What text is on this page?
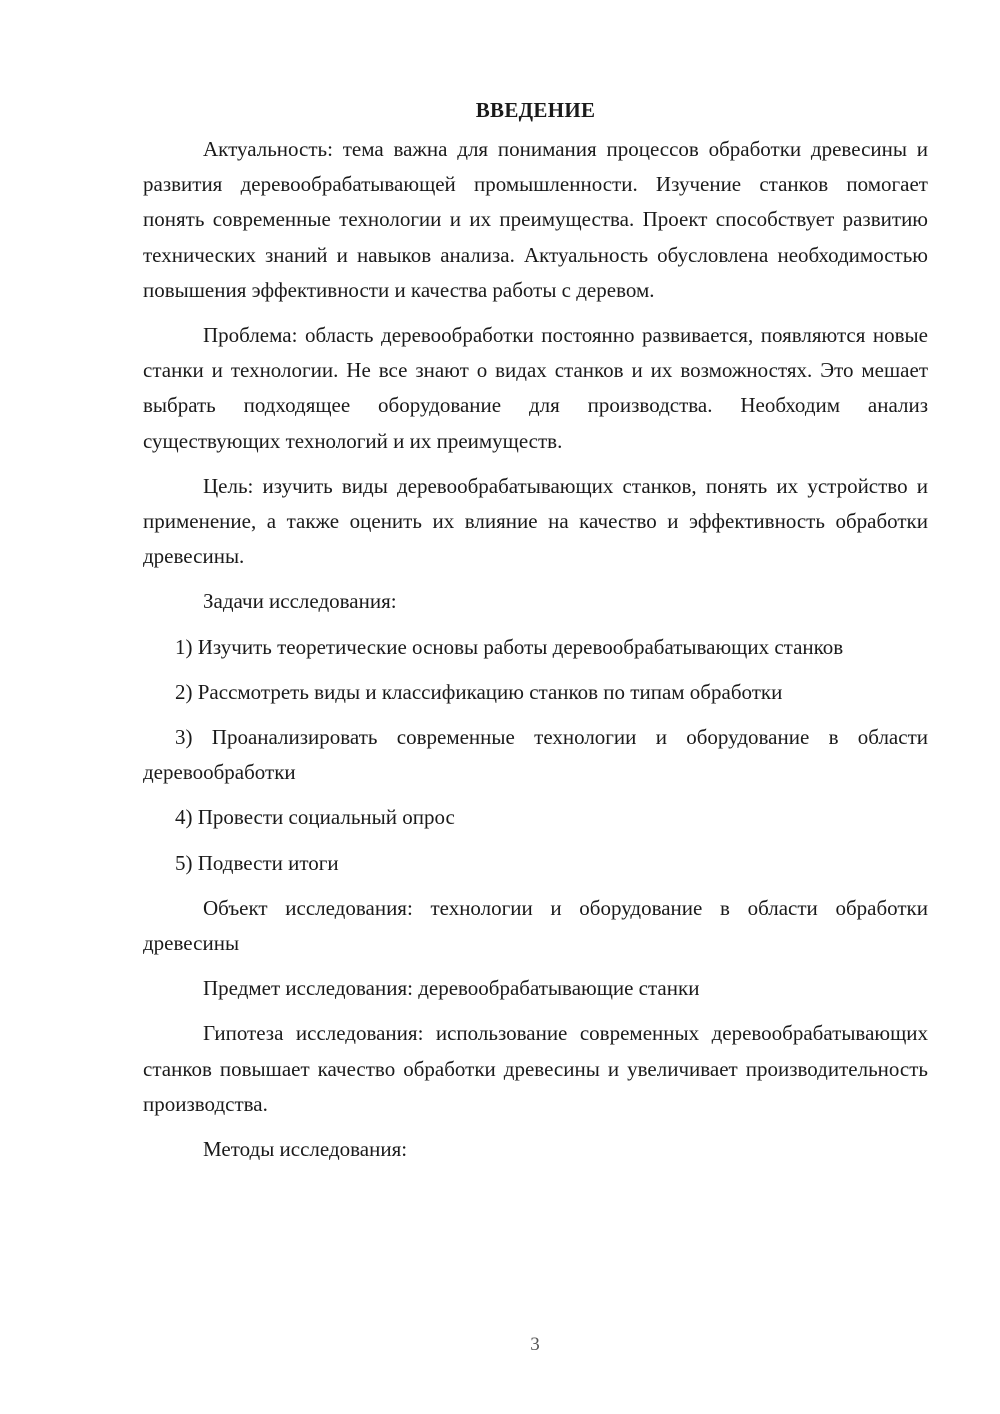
ВВЕДЕНИЕ

Актуальность: тема важна для понимания процессов обработки древесины и развития деревообрабатывающей промышленности. Изучение станков помогает понять современные технологии и их преимущества. Проект способствует развитию технических знаний и навыков анализа. Актуальность обусловлена необходимостью повышения эффективности и качества работы с деревом.

Проблема: область деревообработки постоянно развивается, появляются новые станки и технологии. Не все знают о видах станков и их возможностях. Это мешает выбрать подходящее оборудование для производства. Необходим анализ существующих технологий и их преимуществ.

Цель: изучить виды деревообрабатывающих станков, понять их устройство и применение, а также оценить их влияние на качество и эффективность обработки древесины.

Задачи исследования:

1) Изучить теоретические основы работы деревообрабатывающих станков

2) Рассмотреть виды и классификацию станков по типам обработки

3) Проанализировать современные технологии и оборудование в области деревообработки

4) Провести социальный опрос

5) Подвести итоги

Объект исследования: технологии и оборудование в области обработки древесины

Предмет исследования: деревообрабатывающие станки

Гипотеза исследования: использование современных деревообрабатывающих станков повышает качество обработки древесины и увеличивает производительность производства.

Методы исследования:

3
